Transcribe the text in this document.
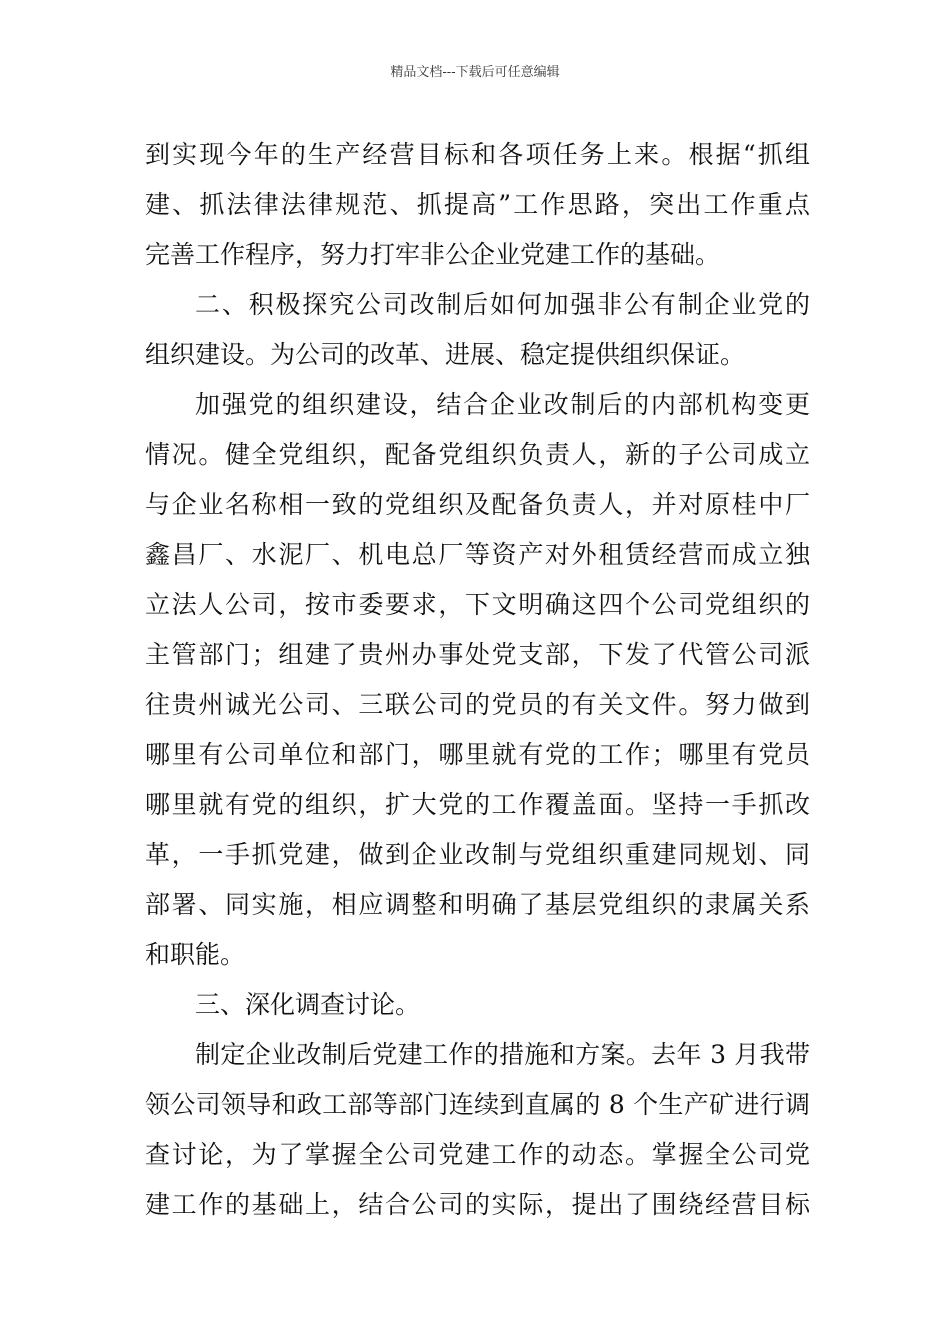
精品文档---下载后可任意编辑
到实现今年的生产经营目标和各项任务上来。根据“抓组
建、抓法律法律规范、抓提高”工作思路，突出工作重点
完善工作程序，努力打牢非公企业党建工作的基础。
二、积极探究公司改制后如何加强非公有制企业党的
组织建设。为公司的改革、进展、稳定提供组织保证。
加强党的组织建设，结合企业改制后的内部机构变更
情况。健全党组织，配备党组织负责人，新的子公司成立
与企业名称相一致的党组织及配备负责人，并对原桂中厂
鑫昌厂、水泥厂、机电总厂等资产对外租赁经营而成立独
立法人公司，按市委要求，下文明确这四个公司党组织的
主管部门；组建了贵州办事处党支部，下发了代管公司派
往贵州诚光公司、三联公司的党员的有关文件。努力做到
哪里有公司单位和部门，哪里就有党的工作；哪里有党员
哪里就有党的组织，扩大党的工作覆盖面。坚持一手抓改
革，一手抓党建，做到企业改制与党组织重建同规划、同
部署、同实施，相应调整和明确了基层党组织的隶属关系
和职能。
三、深化调查讨论。
制定企业改制后党建工作的措施和方案。去年 3 月我带
领公司领导和政工部等部门连续到直属的 8 个生产矿进行调
查讨论，为了掌握全公司党建工作的动态。掌握全公司党
建工作的基础上，结合公司的实际，提出了围绕经营目标
